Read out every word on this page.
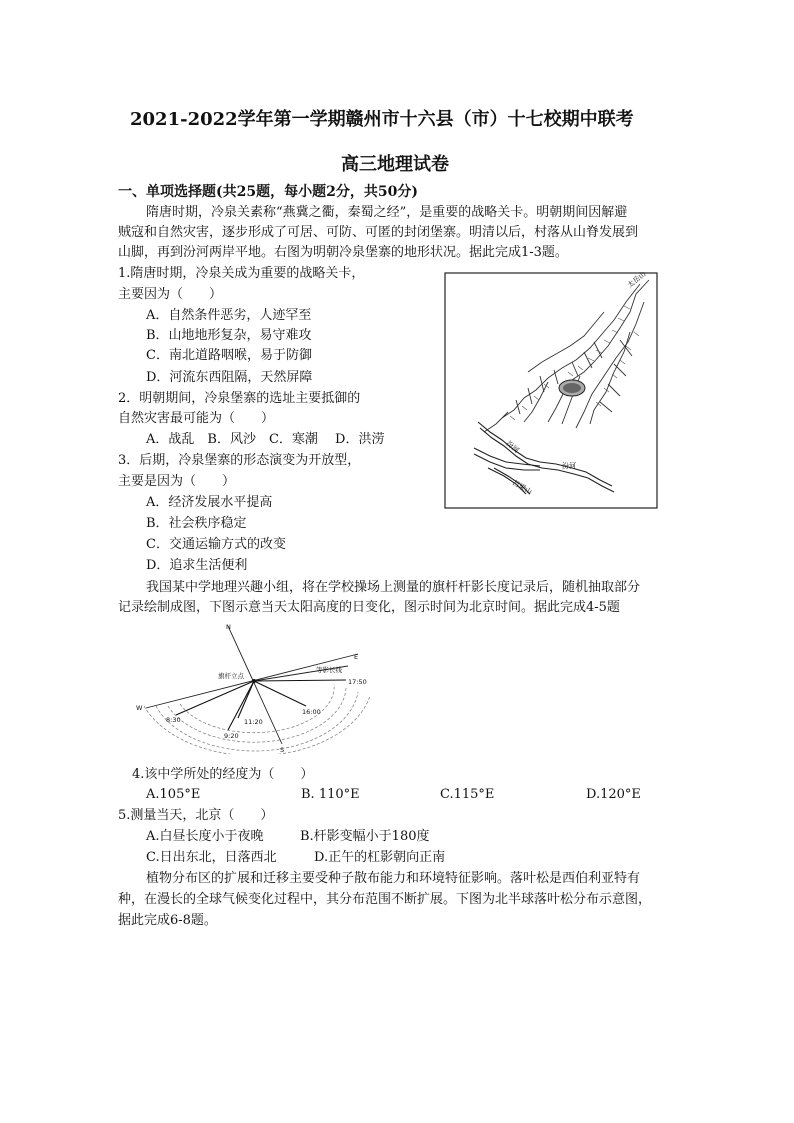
2021-2022学年第一学期赣州市十六县（市）十七校期中联考
高三地理试卷
一、单项选择题(共25题，每小题2分，共50分)
隋唐时期，冷泉关素称“燕冀之衢，秦蜀之经”，是重要的战略关卡。明朝期间因解避
贼寇和自然灾害，逐步形成了可居、可防、可匿的封闭堡寨。明清以后，村落从山脊发展到
山脚，再到汾河两岸平地。右图为明朝冷泉堡寨的地形状况。据此完成1-3题。
1.隋唐时期，冷泉关成为重要的战略关卡，
主要因为（　　）
A．自然条件恶劣，人迹罕至
B．山地地形复杂，易守难攻
C．南北道路咽喉，易于防御
D．河流东西阻隔，天然屏障
2．明朝期间，冷泉堡寨的选址主要抵御的
自然灾害最可能为（　　）
A．战乱　B．风沙　C．寒潮　 D．洪涝
3．后期，冷泉堡寨的形态演变为开放型，
主要是因为（　　）
A．经济发展水平提高
B．社会秩序稳定
C．交通运输方式的改变
D．追求生活便利
太岳山
汾河
汾河
吕梁山
我国某中学地理兴趣小组，将在学校操场上测量的旗杆杆影长度记录后，随机抽取部分
记录绘制成图，下图示意当天太阳高度的日变化，图示时间为北京时间。据此完成4-5题
N
S
E
W
旗杆立点
等影长线
8:30
9:20
11:20
16:00
17:50
4.该中学所处的经度为（　　）
A.105°E	B. 110°E	C.115°E	D.120°E
5.测量当天，北京（　　）
A.白昼长度小于夜晚	B.杆影变幅小于180度
C.日出东北，日落西北	D.正午的杠影朝向正南
植物分布区的扩展和迁移主要受种子散布能力和环境特征影响。落叶松是西伯利亚特有
种，在漫长的全球气候变化过程中，其分布范围不断扩展。下图为北半球落叶松分布示意图，
据此完成6-8题。
